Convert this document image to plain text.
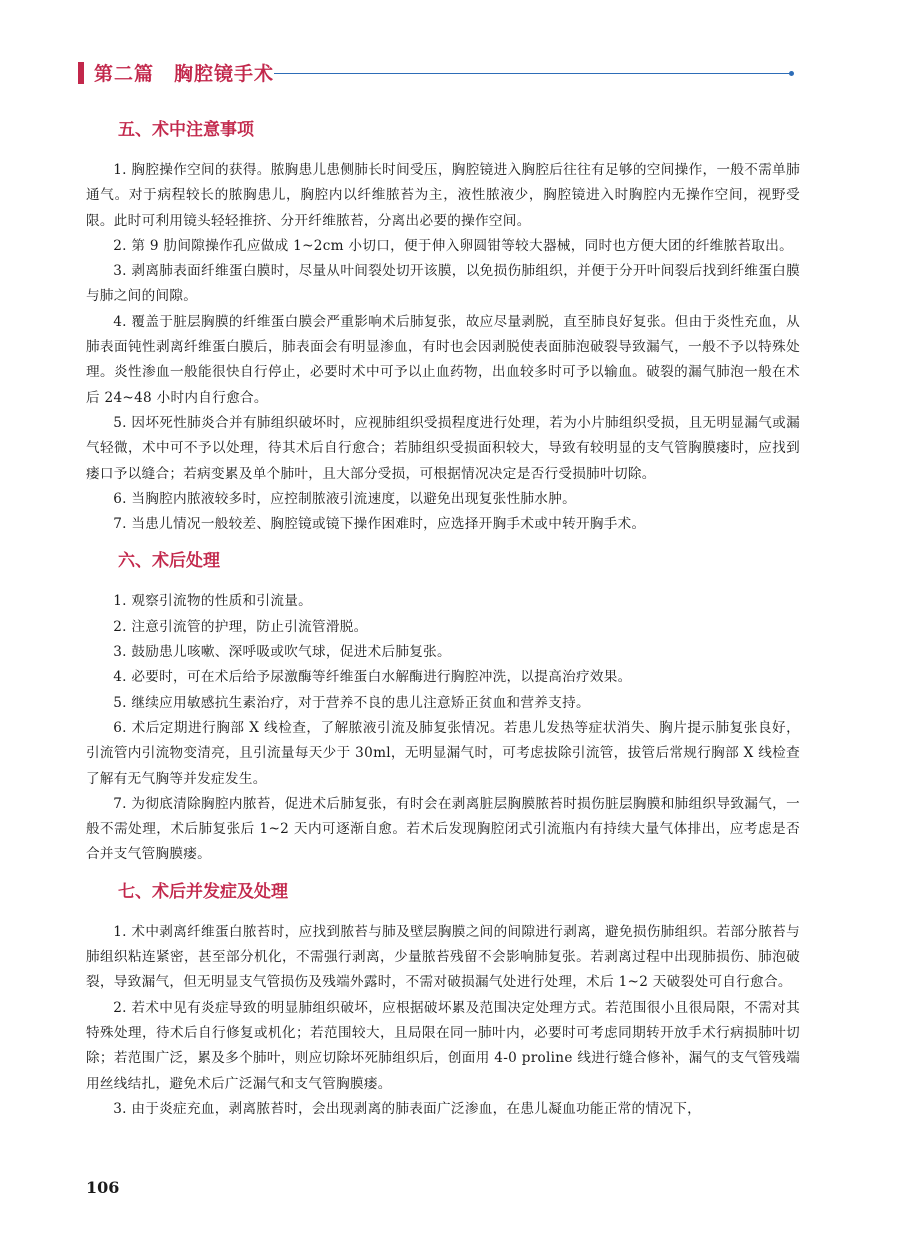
第二篇　胸腔镜手术
五、术中注意事项

1. 胸腔操作空间的获得。脓胸患儿患侧肺长时间受压，胸腔镜进入胸腔后往往有足够的空间操作，一般不需单肺通气。对于病程较长的脓胸患儿，胸腔内以纤维脓苔为主，液性脓液少，胸腔镜进入时胸腔内无操作空间，视野受限。此时可利用镜头轻轻推挤、分开纤维脓苔，分离出必要的操作空间。

2. 第 9 肋间隙操作孔应做成 1~2cm 小切口，便于伸入卵圆钳等较大器械，同时也方便大团的纤维脓苔取出。

3. 剥离肺表面纤维蛋白膜时，尽量从叶间裂处切开该膜，以免损伤肺组织，并便于分开叶间裂后找到纤维蛋白膜与肺之间的间隙。

4. 覆盖于脏层胸膜的纤维蛋白膜会严重影响术后肺复张，故应尽量剥脱，直至肺良好复张。但由于炎性充血，从肺表面钝性剥离纤维蛋白膜后，肺表面会有明显渗血，有时也会因剥脱使表面肺泡破裂导致漏气，一般不予以特殊处理。炎性渗血一般能很快自行停止，必要时术中可予以止血药物，出血较多时可予以输血。破裂的漏气肺泡一般在术后 24~48 小时内自行愈合。

5. 因坏死性肺炎合并有肺组织破坏时，应视肺组织受损程度进行处理，若为小片肺组织受损，且无明显漏气或漏气轻微，术中可不予以处理，待其术后自行愈合；若肺组织受损面积较大，导致有较明显的支气管胸膜瘘时，应找到瘘口予以缝合；若病变累及单个肺叶，且大部分受损，可根据情况决定是否行受损肺叶切除。

6. 当胸腔内脓液较多时，应控制脓液引流速度，以避免出现复张性肺水肿。

7. 当患儿情况一般较差、胸腔镜或镜下操作困难时，应选择开胸手术或中转开胸手术。

六、术后处理

1. 观察引流物的性质和引流量。

2. 注意引流管的护理，防止引流管滑脱。

3. 鼓励患儿咳嗽、深呼吸或吹气球，促进术后肺复张。

4. 必要时，可在术后给予尿激酶等纤维蛋白水解酶进行胸腔冲洗，以提高治疗效果。

5. 继续应用敏感抗生素治疗，对于营养不良的患儿注意矫正贫血和营养支持。

6. 术后定期进行胸部 X 线检查，了解脓液引流及肺复张情况。若患儿发热等症状消失、胸片提示肺复张良好，引流管内引流物变清亮，且引流量每天少于 30ml，无明显漏气时，可考虑拔除引流管，拔管后常规行胸部 X 线检查了解有无气胸等并发症发生。

7. 为彻底清除胸腔内脓苔，促进术后肺复张，有时会在剥离脏层胸膜脓苔时损伤脏层胸膜和肺组织导致漏气，一般不需处理，术后肺复张后 1~2 天内可逐渐自愈。若术后发现胸腔闭式引流瓶内有持续大量气体排出，应考虑是否合并支气管胸膜瘘。

七、术后并发症及处理

1. 术中剥离纤维蛋白脓苔时，应找到脓苔与肺及壁层胸膜之间的间隙进行剥离，避免损伤肺组织。若部分脓苔与肺组织粘连紧密，甚至部分机化，不需强行剥离，少量脓苔残留不会影响肺复张。若剥离过程中出现肺损伤、肺泡破裂，导致漏气，但无明显支气管损伤及残端外露时，不需对破损漏气处进行处理，术后 1~2 天破裂处可自行愈合。

2. 若术中见有炎症导致的明显肺组织破坏，应根据破坏累及范围决定处理方式。若范围很小且很局限，不需对其特殊处理，待术后自行修复或机化；若范围较大，且局限在同一肺叶内，必要时可考虑同期转开放手术行病损肺叶切除；若范围广泛，累及多个肺叶，则应切除坏死肺组织后，创面用 4-0 proline 线进行缝合修补，漏气的支气管残端用丝线结扎，避免术后广泛漏气和支气管胸膜瘘。

3. 由于炎症充血，剥离脓苔时，会出现剥离的肺表面广泛渗血，在患儿凝血功能正常的情况下，

106
